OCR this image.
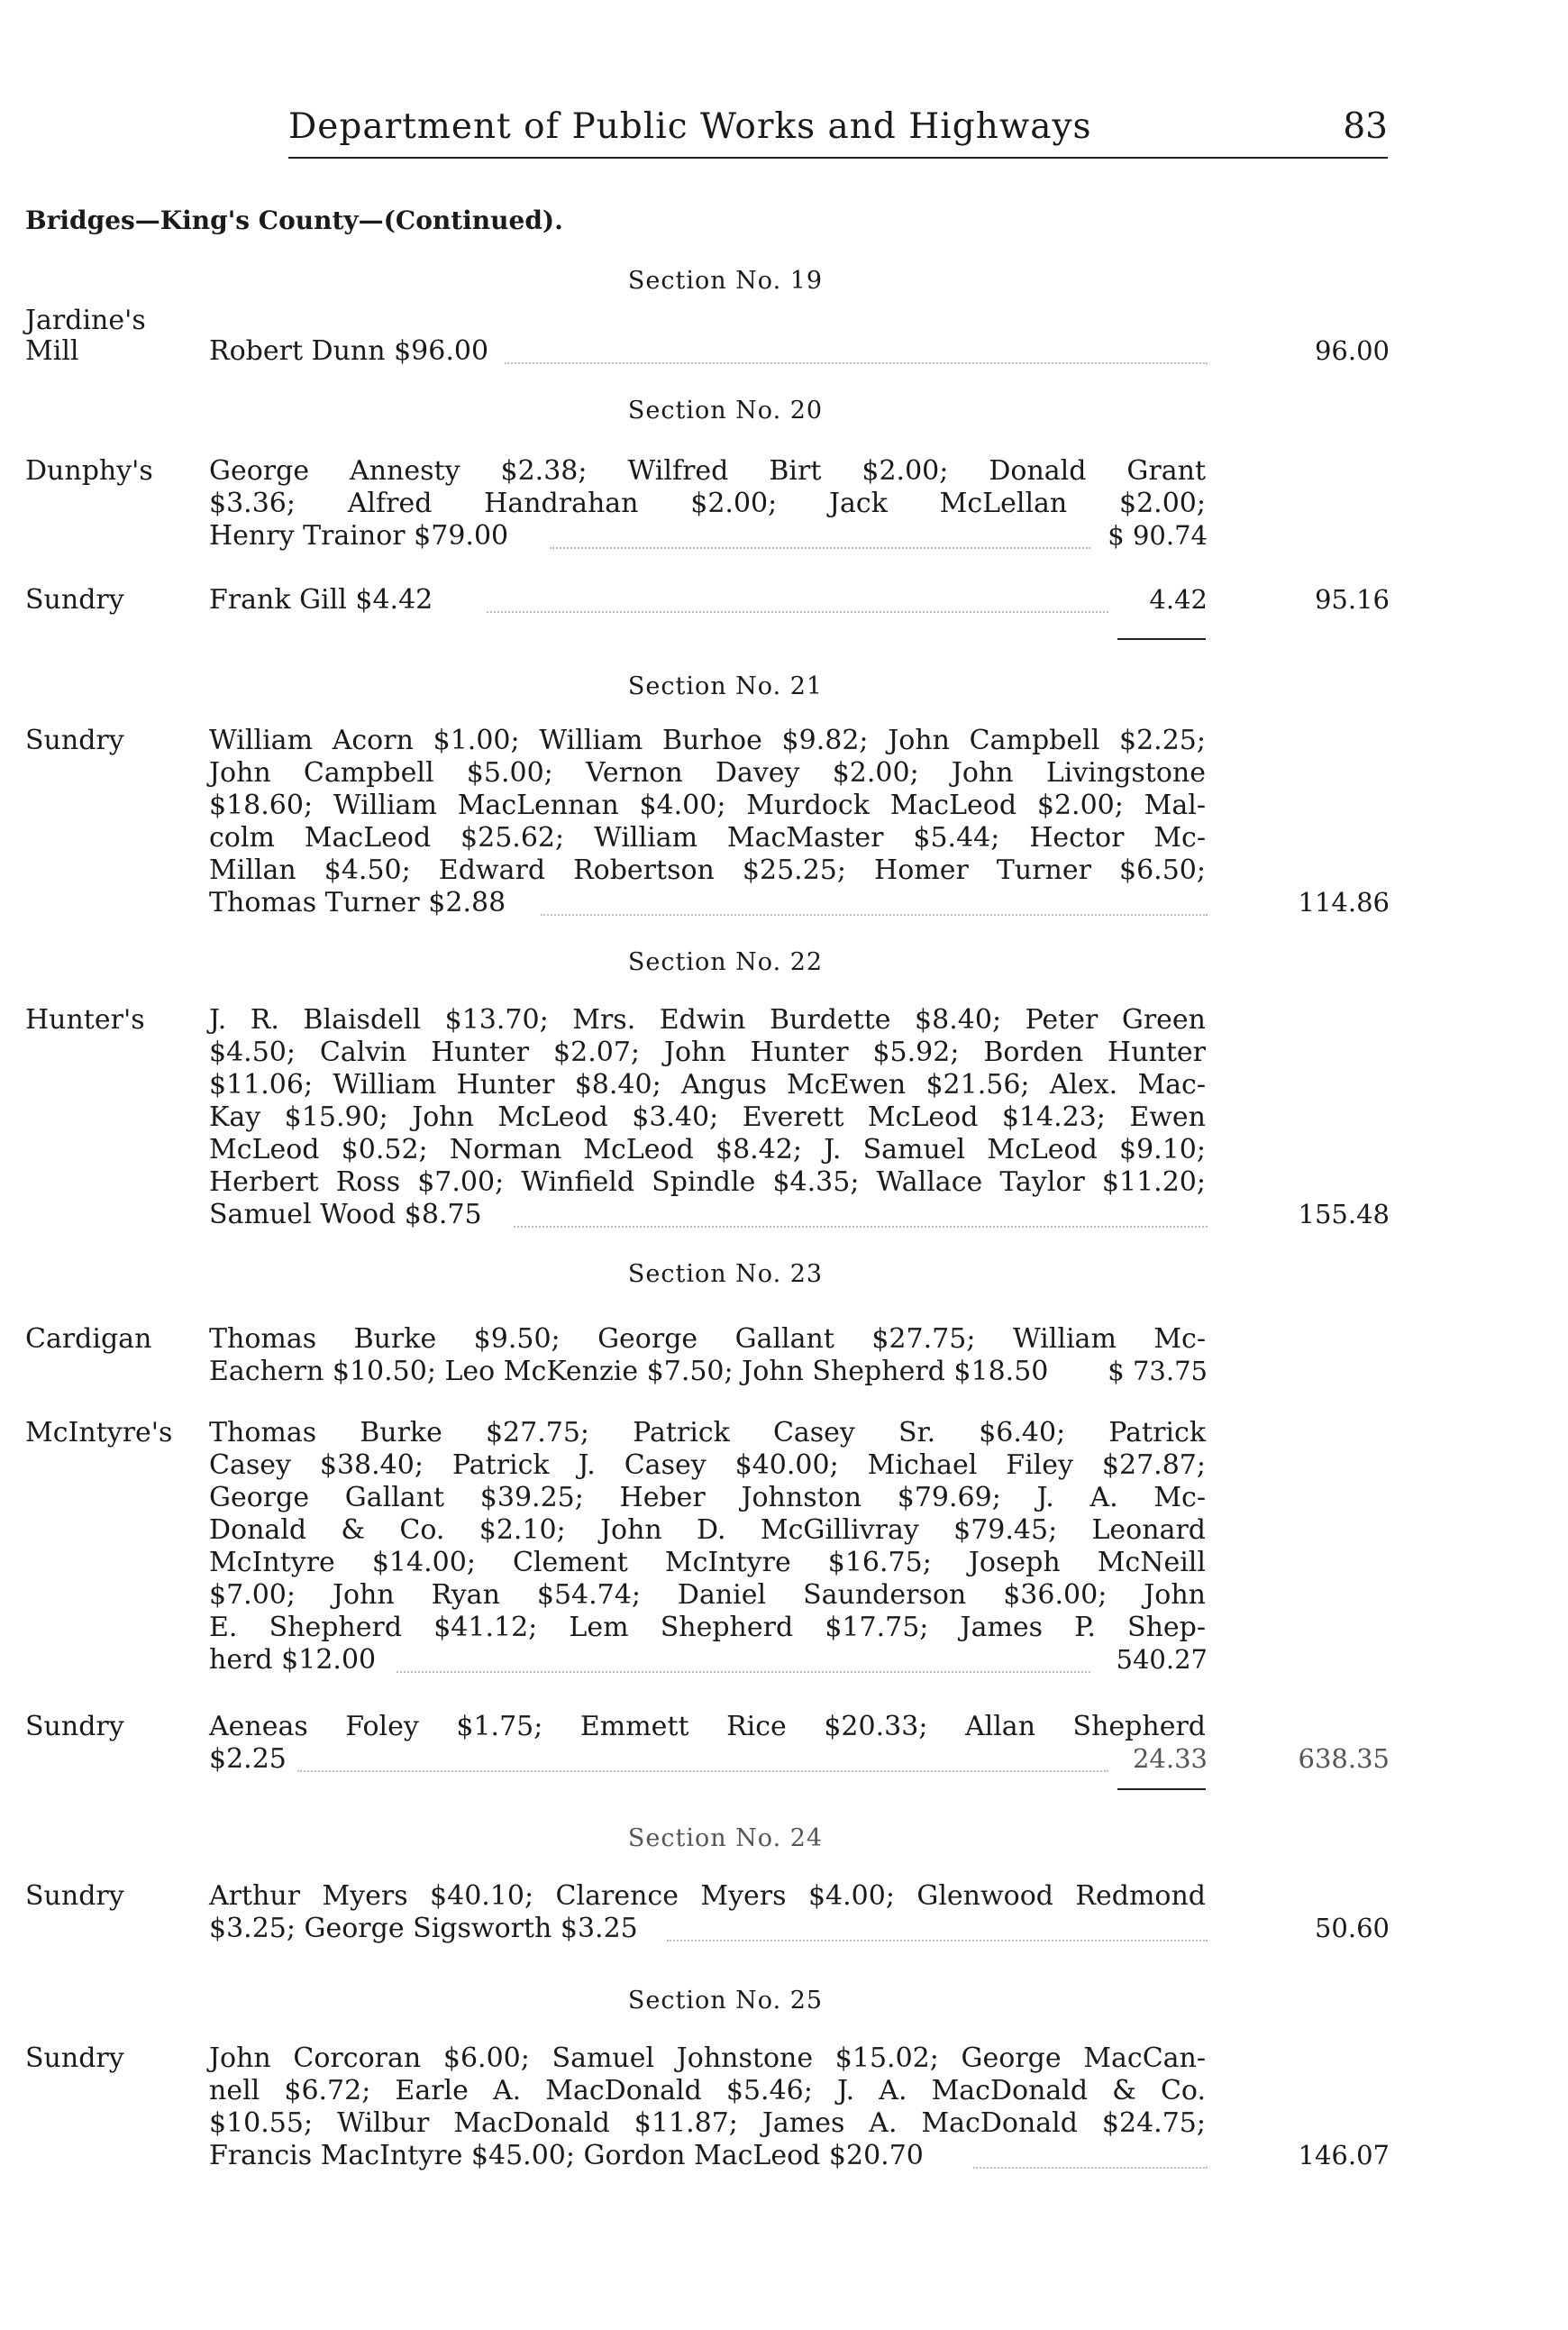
Department of Public Works and Highways	83
Bridges—King's County—(Continued).
Section No. 19
Jardine's
Mill	Robert Dunn $96.00	96.00
Section No. 20
Dunphy's George Annesty $2.38; Wilfred Birt $2.00; Donald Grant
$3.36; Alfred Handrahan $2.00; Jack McLellan $2.00;
Henry Trainor $79.00	$ 90.74
Sundry	Frank Gill $4.42	4.42	95.16
Section No. 21
Sundry	William Acorn $1.00; William Burhoe $9.82; John Campbell $2.25;
John Campbell $5.00; Vernon Davey $2.00; John Livingstone
$18.60; William MacLennan $4.00; Murdock MacLeod $2.00; Mal-
colm MacLeod $25.62; William MacMaster $5.44; Hector Mc-
Millan $4.50; Edward Robertson $25.25; Homer Turner $6.50;
Thomas Turner $2.88	114.86
Section No. 22
Hunter's J. R. Blaisdell $13.70; Mrs. Edwin Burdette $8.40; Peter Green
$4.50; Calvin Hunter $2.07; John Hunter $5.92; Borden Hunter
$11.06; William Hunter $8.40; Angus McEwen $21.56; Alex. Mac-
Kay $15.90; John McLeod $3.40; Everett McLeod $14.23; Ewen
McLeod $0.52; Norman McLeod $8.42; J. Samuel McLeod $9.10;
Herbert Ross $7.00; Winfield Spindle $4.35; Wallace Taylor $11.20;
Samuel Wood $8.75	155.48
Section No. 23
Cardigan Thomas Burke $9.50; George Gallant $27.75; William Mc-
Eachern $10.50; Leo McKenzie $7.50; John Shepherd $18.50	$ 73.75
McIntyre's Thomas Burke $27.75; Patrick Casey Sr. $6.40; Patrick
Casey $38.40; Patrick J. Casey $40.00; Michael Filey $27.87;
George Gallant $39.25; Heber Johnston $79.69; J. A. Mc-
Donald & Co. $2.10; John D. McGillivray $79.45; Leonard
McIntyre $14.00; Clement McIntyre $16.75; Joseph McNeill
$7.00; John Ryan $54.74; Daniel Saunderson $36.00; John
E. Shepherd $41.12; Lem Shepherd $17.75; James P. Shep-
herd $12.00	540.27
Sundry	Aeneas Foley $1.75; Emmett Rice $20.33; Allan Shepherd
$2.25	24.33	638.35
Section No. 24
Sundry	Arthur Myers $40.10; Clarence Myers $4.00; Glenwood Redmond
$3.25; George Sigsworth $3.25	50.60
Section No. 25
Sundry	John Corcoran $6.00; Samuel Johnstone $15.02; George MacCan-
nell $6.72; Earle A. MacDonald $5.46; J. A. MacDonald & Co.
$10.55; Wilbur MacDonald $11.87; James A. MacDonald $24.75;
Francis MacIntyre $45.00; Gordon MacLeod $20.70	146.07
